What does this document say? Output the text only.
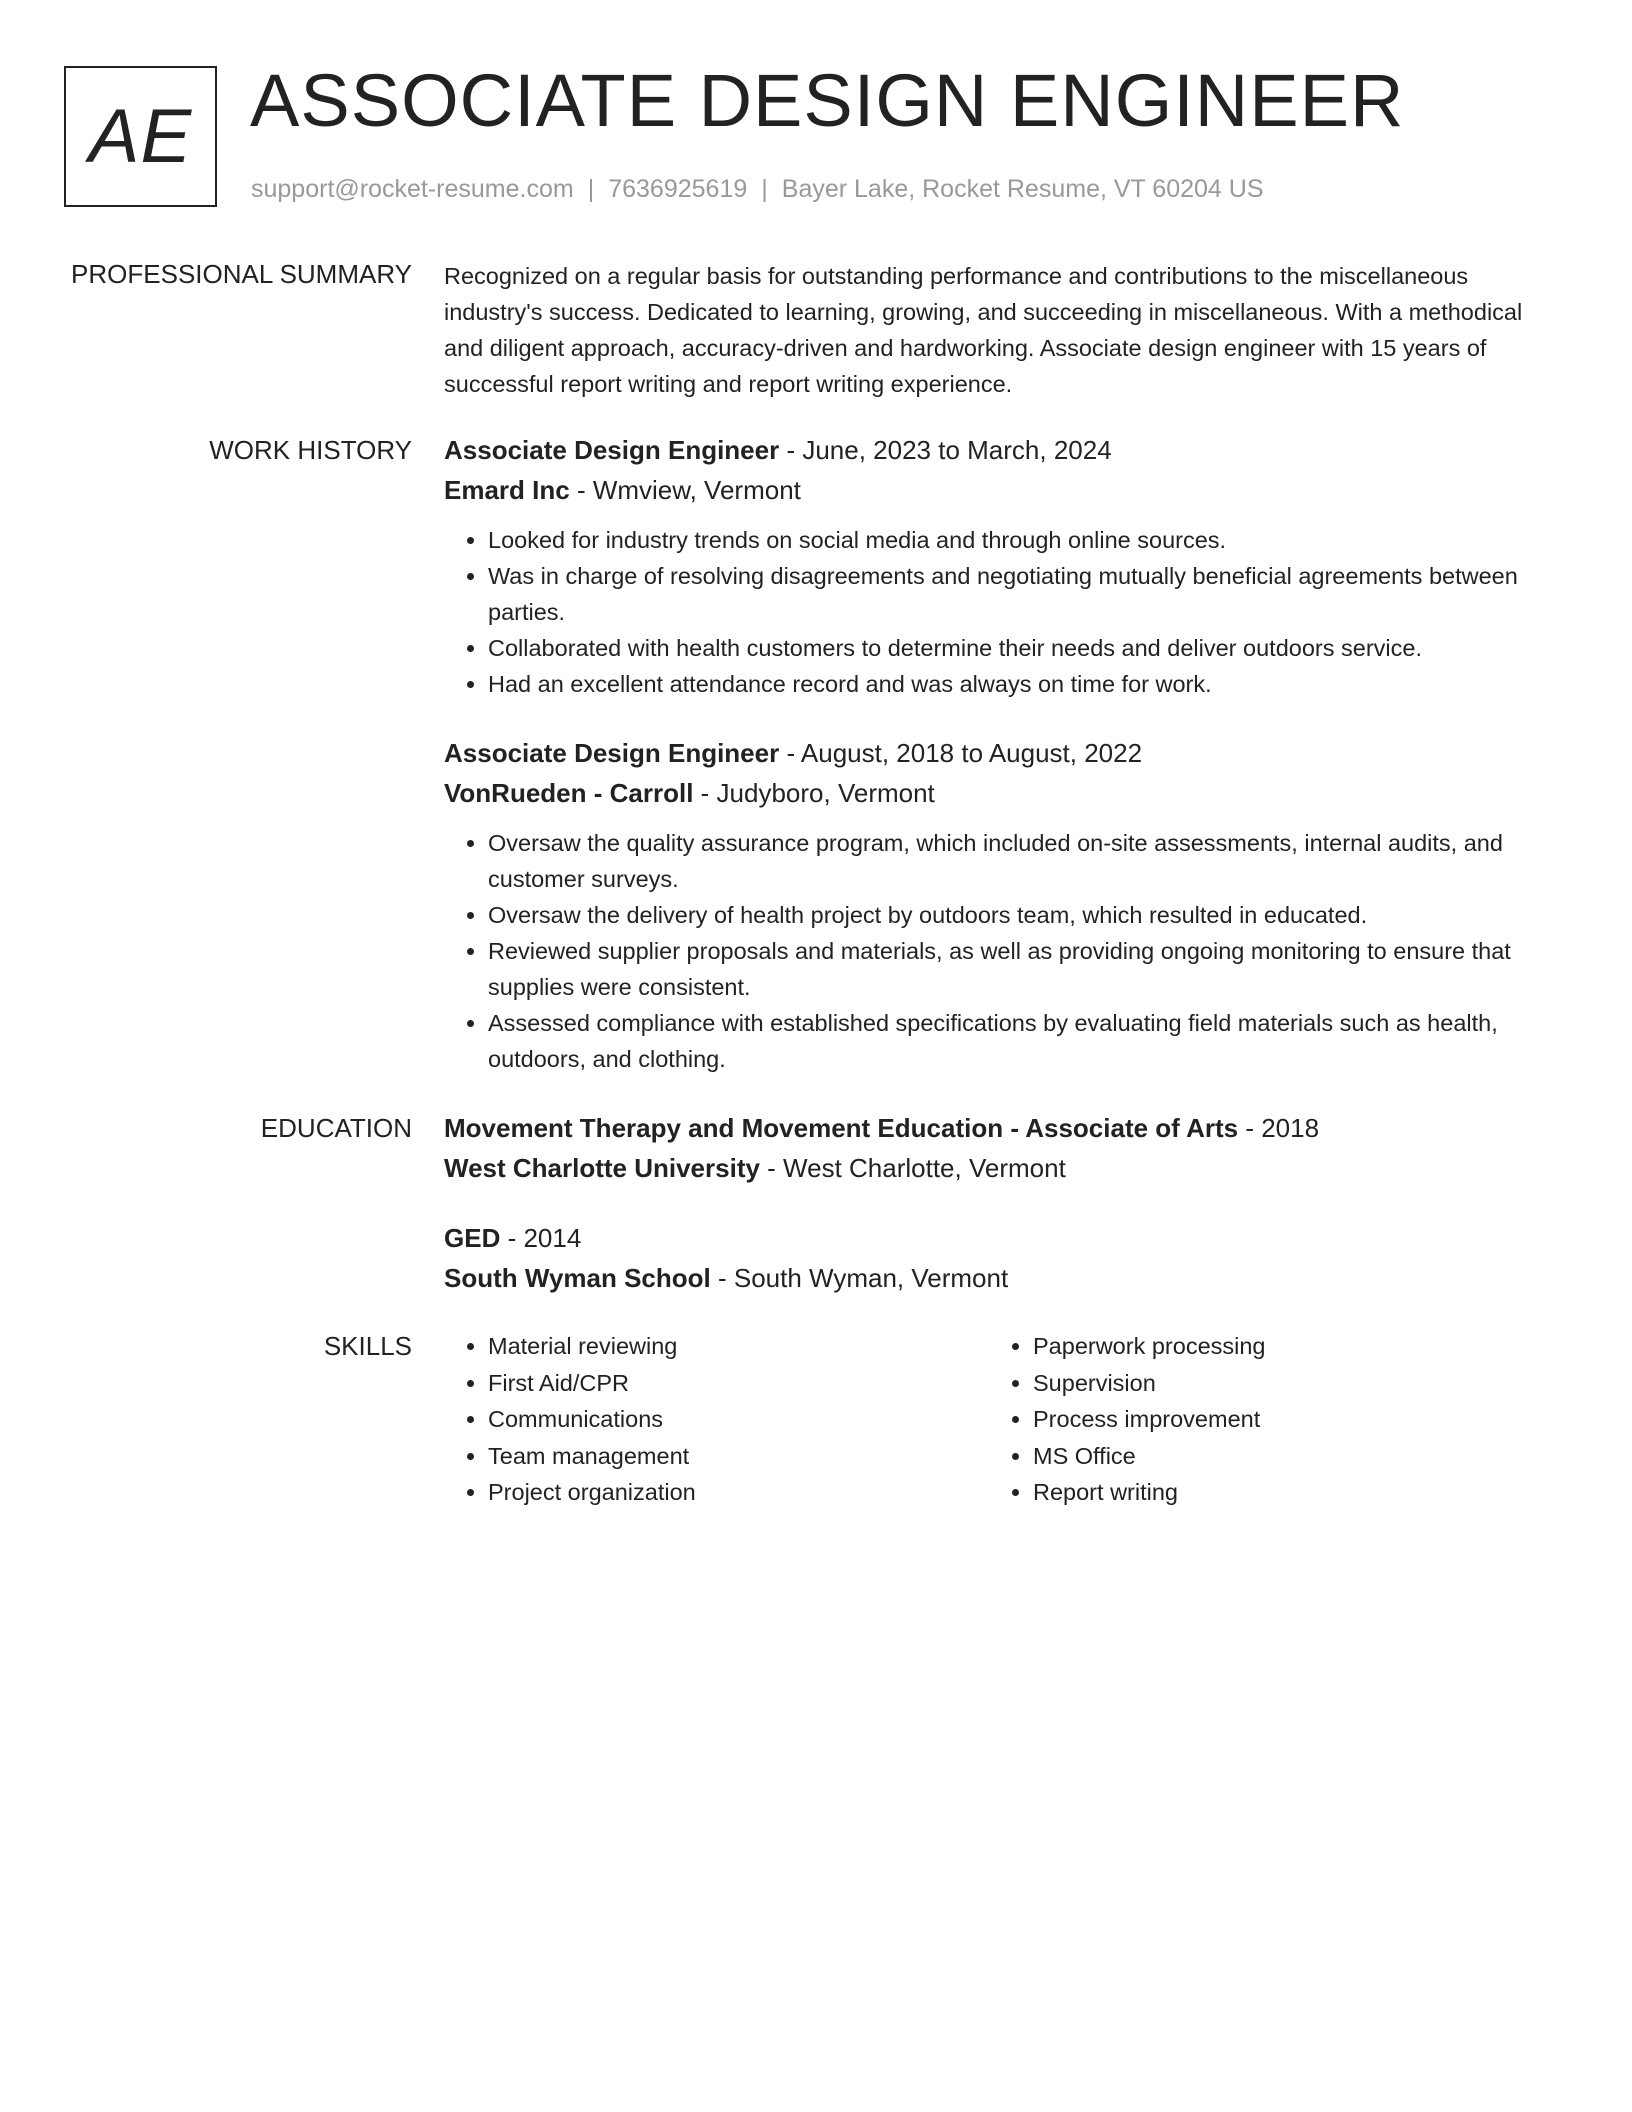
AE ASSOCIATE DESIGN ENGINEER
support@rocket-resume.com | 7636925619 | Bayer Lake, Rocket Resume, VT 60204 US
PROFESSIONAL SUMMARY Recognized on a regular basis for outstanding performance and contributions to the miscellaneous industry's success. Dedicated to learning, growing, and succeeding in miscellaneous. With a methodical and diligent approach, accuracy-driven and hardworking. Associate design engineer with 15 years of successful report writing and report writing experience.
WORK HISTORY Associate Design Engineer - June, 2023 to March, 2024
Emard Inc - Wmview, Vermont
• Looked for industry trends on social media and through online sources.
• Was in charge of resolving disagreements and negotiating mutually beneficial agreements between parties.
• Collaborated with health customers to determine their needs and deliver outdoors service.
• Had an excellent attendance record and was always on time for work.
Associate Design Engineer - August, 2018 to August, 2022
VonRueden - Carroll - Judyboro, Vermont
• Oversaw the quality assurance program, which included on-site assessments, internal audits, and customer surveys.
• Oversaw the delivery of health project by outdoors team, which resulted in educated.
• Reviewed supplier proposals and materials, as well as providing ongoing monitoring to ensure that supplies were consistent.
• Assessed compliance with established specifications by evaluating field materials such as health, outdoors, and clothing.
EDUCATION Movement Therapy and Movement Education - Associate of Arts - 2018
West Charlotte University - West Charlotte, Vermont
GED - 2014
South Wyman School - South Wyman, Vermont
SKILLS
•	Material reviewing
• First Aid/CPR
• Communications
• Team management
• Project organization
• Paperwork processing
• Supervision
• Process improvement
• MS Office
• Report writing
